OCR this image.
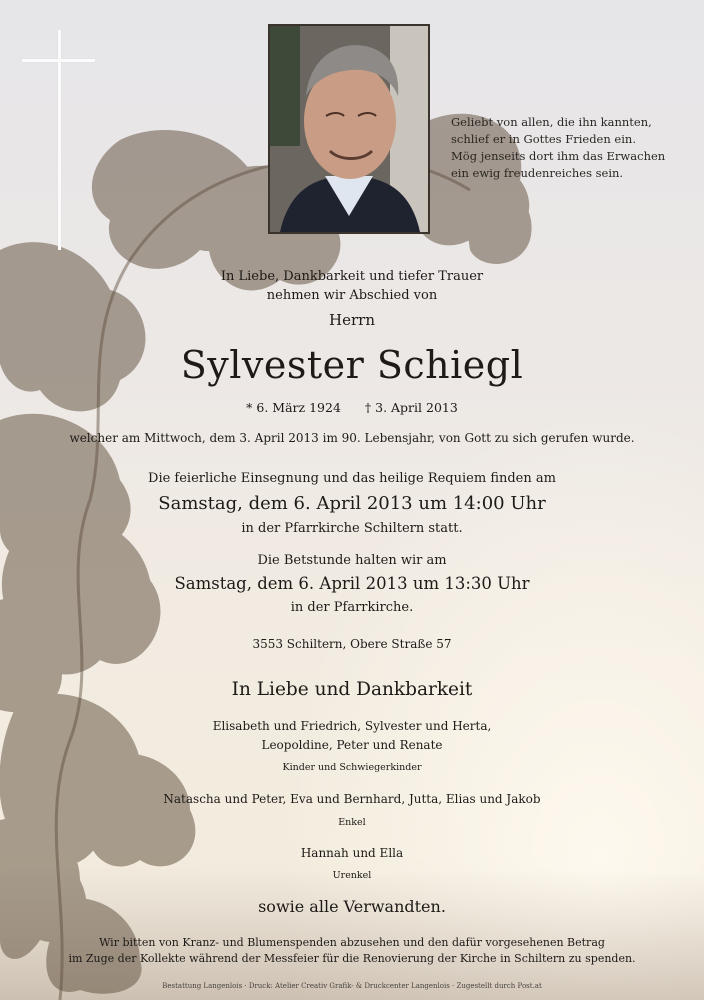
Geliebt von allen, die ihn kannten,
schlief er in Gottes Frieden ein.
Mög jenseits dort ihm das Erwachen
ein ewig freudenreiches sein.
In Liebe, Dankbarkeit und tiefer Trauer
nehmen wir Abschied von
Herrn
Sylvester Schiegl
* 6. März 1924 † 3. April 2013
welcher am Mittwoch, dem 3. April 2013 im 90. Lebensjahr, von Gott zu sich gerufen wurde.
Die feierliche Einsegnung und das heilige Requiem finden am
Samstag, dem 6. April 2013 um 14:00 Uhr
in der Pfarrkirche Schiltern statt.
Die Betstunde halten wir am
Samstag, dem 6. April 2013 um 13:30 Uhr
in der Pfarrkirche.
3553 Schiltern, Obere Straße 57
In Liebe und Dankbarkeit
Elisabeth und Friedrich, Sylvester und Herta,
Leopoldine, Peter und Renate
Kinder und Schwiegerkinder
Natascha und Peter, Eva und Bernhard, Jutta, Elias und Jakob
Enkel
Hannah und Ella
Urenkel
sowie alle Verwandten.
Wir bitten von Kranz- und Blumenspenden abzusehen und den dafür vorgesehenen Betrag
im Zuge der Kollekte während der Messfeier für die Renovierung der Kirche in Schiltern zu spenden.
Bestattung Langenlois · Druck: Atelier Creativ Grafik- & Druckcenter Langenlois · Zugestellt durch Post.at
